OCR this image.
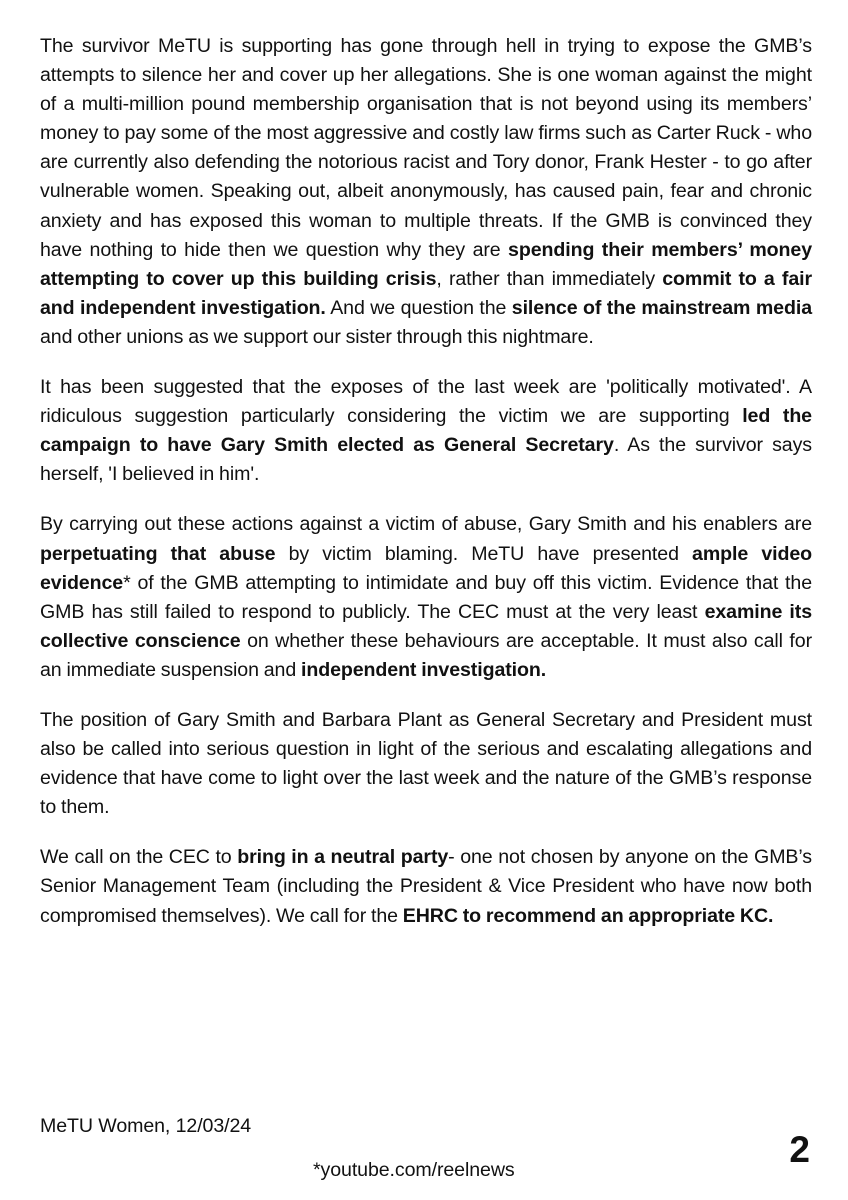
The survivor MeTU is supporting has gone through hell in trying to expose the GMB’s attempts to silence her and cover up her allegations. She is one woman against the might of a multi-million pound membership organisation that is not beyond using its members’ money to pay some of the most aggressive and costly law firms such as Carter Ruck - who are currently also defending the notorious racist and Tory donor, Frank Hester - to go after vulnerable women. Speaking out, albeit anonymously, has caused pain, fear and chronic anxiety and has exposed this woman to multiple threats. If the GMB is convinced they have nothing to hide then we question why they are spending their members’ money attempting to cover up this building crisis, rather than immediately commit to a fair and independent investigation. And we question the silence of the mainstream media and other unions as we support our sister through this nightmare.

It has been suggested that the exposes of the last week are 'politically motivated'. A ridiculous suggestion particularly considering the victim we are supporting led the campaign to have Gary Smith elected as General Secretary. As the survivor says herself, 'I believed in him'.

By carrying out these actions against a victim of abuse, Gary Smith and his enablers are perpetuating that abuse by victim blaming. MeTU have presented ample video evidence* of the GMB attempting to intimidate and buy off this victim. Evidence that the GMB has still failed to respond to publicly. The CEC must at the very least examine its collective conscience on whether these behaviours are acceptable. It must also call for an immediate suspension and independent investigation.

The position of Gary Smith and Barbara Plant as General Secretary and President must also be called into serious question in light of the serious and escalating allegations and evidence that have come to light over the last week and the nature of the GMB’s response to them.

We call on the CEC to bring in a neutral party- one not chosen by anyone on the GMB’s Senior Management Team (including the President & Vice President who have now both compromised themselves). We call for the EHRC to recommend an appropriate KC.

MeTU Women, 12/03/24
*youtube.com/reelnews	2
